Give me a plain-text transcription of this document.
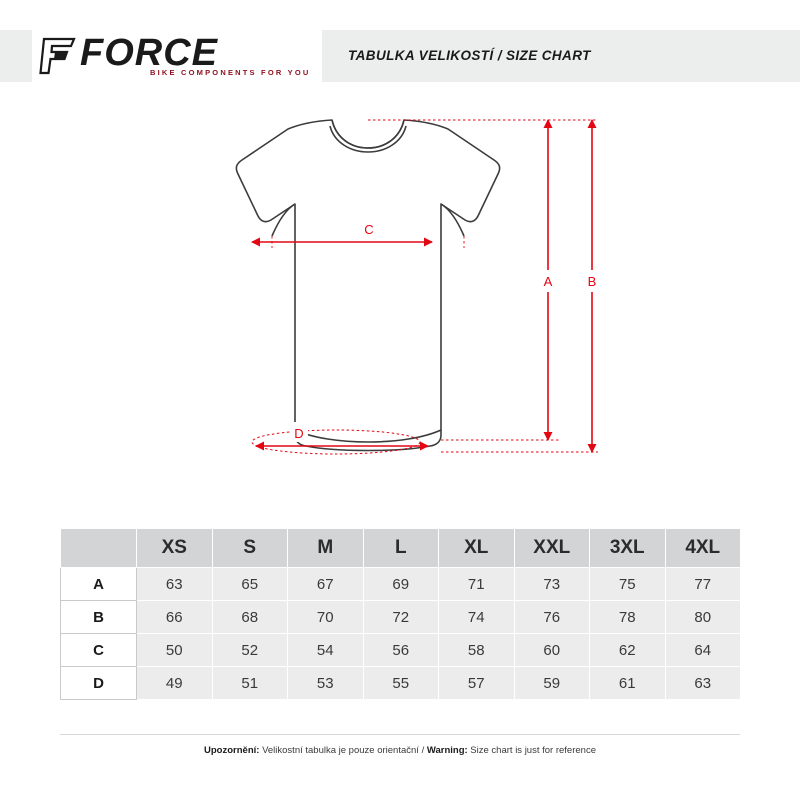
FORCE
BIKE COMPONENTS FOR YOU
TABULKA VELIKOSTÍ / SIZE CHART
A	B
C
D
	XS	S	M	L	XL	XXL	3XL	4XL
A	63	65	67	69	71	73	75	77
B	66	68	70	72	74	76	78	80
C	50	52	54	56	58	60	62	64
D	49	51	53	55	57	59	61	63
Upozornění: Velikostní tabulka je pouze orientační / Warning: Size chart is just for reference
